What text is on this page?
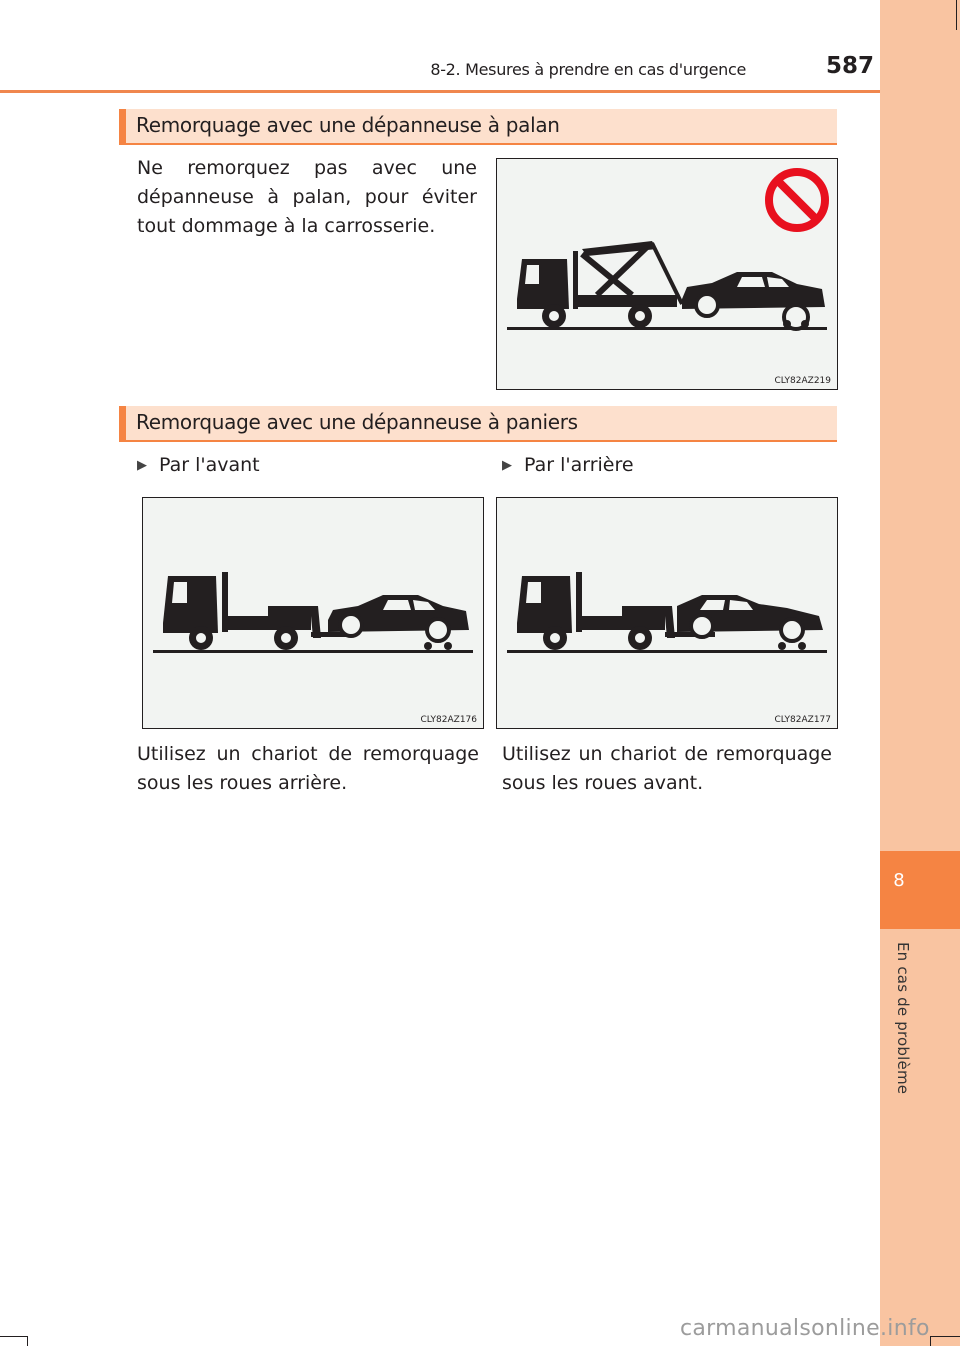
8
En cas de problème
8-2. Mesures à prendre en cas d'urgence	587
Remorquage avec une dépanneuse à palan
Ne remorquez pas avec une dépanneuse à palan, pour éviter tout dommage à la carrosserie.
CLY82AZ219
Remorquage avec une dépanneuse à paniers
▶ Par l'avant	▶ Par l'arrière
CLY82AZ176	CLY82AZ177
Utilisez un chariot de remorquage sous les roues arrière.
Utilisez un chariot de remorquage sous les roues avant.
carmanualsonline.info
